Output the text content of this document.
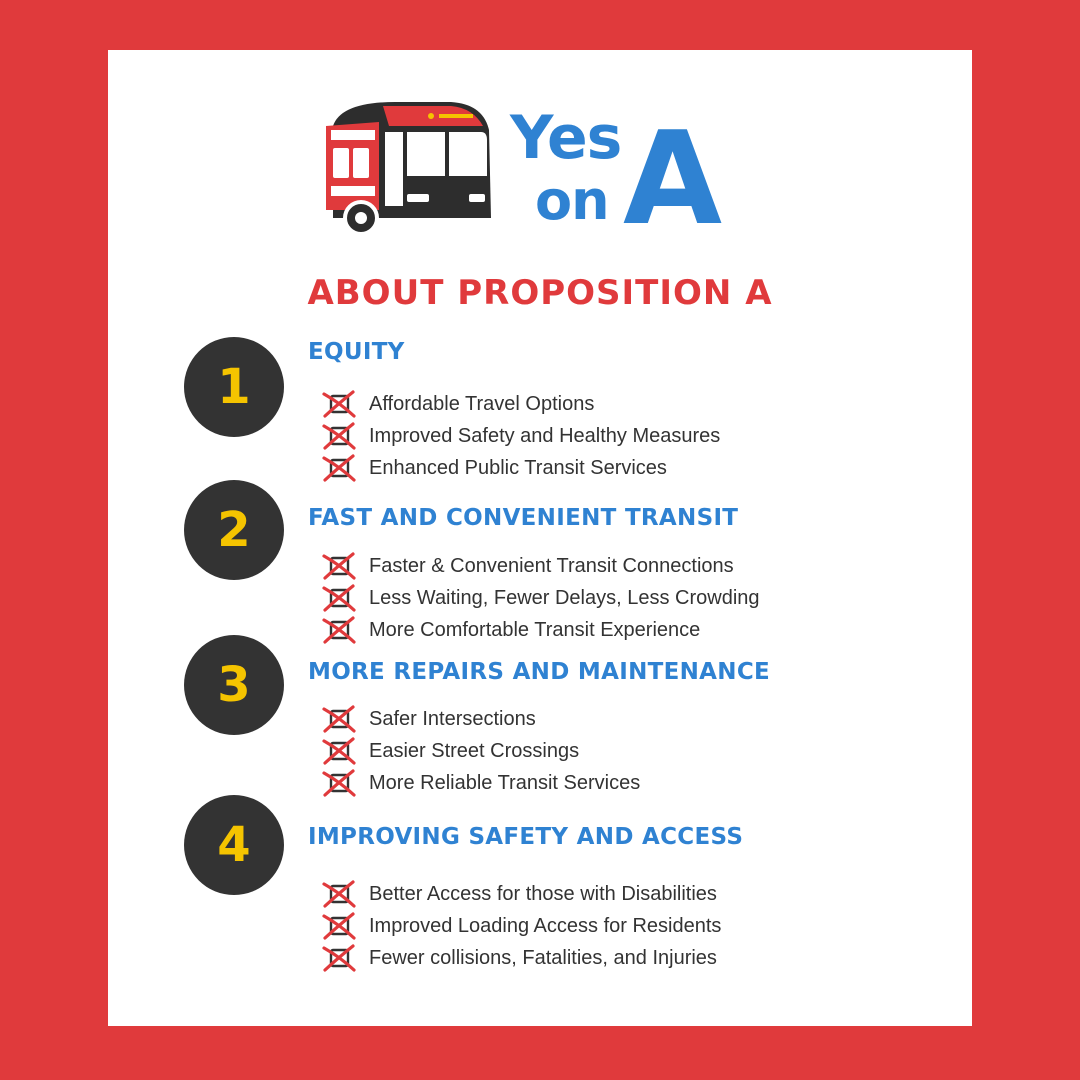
Yes
on A
ABOUT PROPOSITION A
1
EQUITY
Affordable Travel Options
Improved Safety and Healthy Measures
Enhanced Public Transit Services
2	FAST AND CONVENIENT TRANSIT
Faster & Convenient Transit Connections
Less Waiting, Fewer Delays, Less Crowding
More Comfortable Transit Experience
3	MORE REPAIRS AND MAINTENANCE
Safer Intersections
Easier Street Crossings
More Reliable Transit Services
4	IMPROVING SAFETY AND ACCESS
Better Access for those with Disabilities
Improved Loading Access for Residents
Fewer collisions, Fatalities, and Injuries
